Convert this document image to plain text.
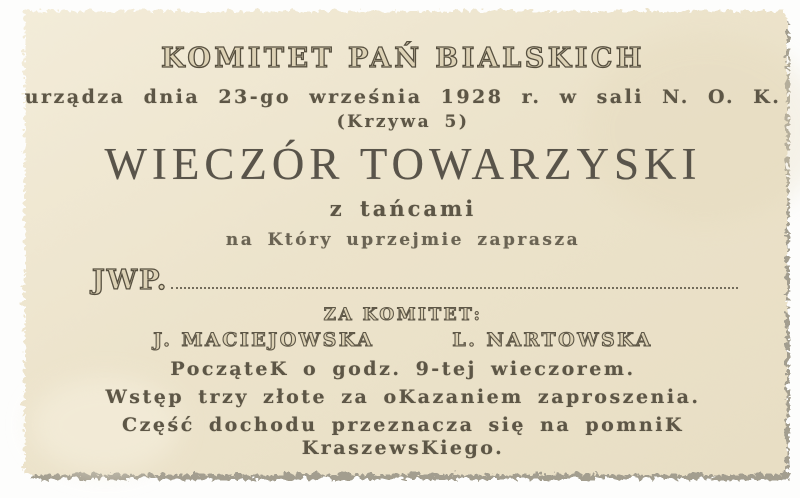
KOMITET PAŃ BIALSKICH
urządza dnia 23-go września 1928 r. w sali N. O. K.
(Krzywa 5)
WIECZÓR TOWARZYSKI
z tańcami
na Który uprzejmie zaprasza
JWP.
ZA KOMITET:
J. MACIEJOWSKA	L. NARTOWSKA
PocząteK o godz. 9-tej wieczorem.
Wstęp trzy złote za oKazaniem zaproszenia.
Część dochodu przeznacza się na pomniK
KraszewsKiego.
